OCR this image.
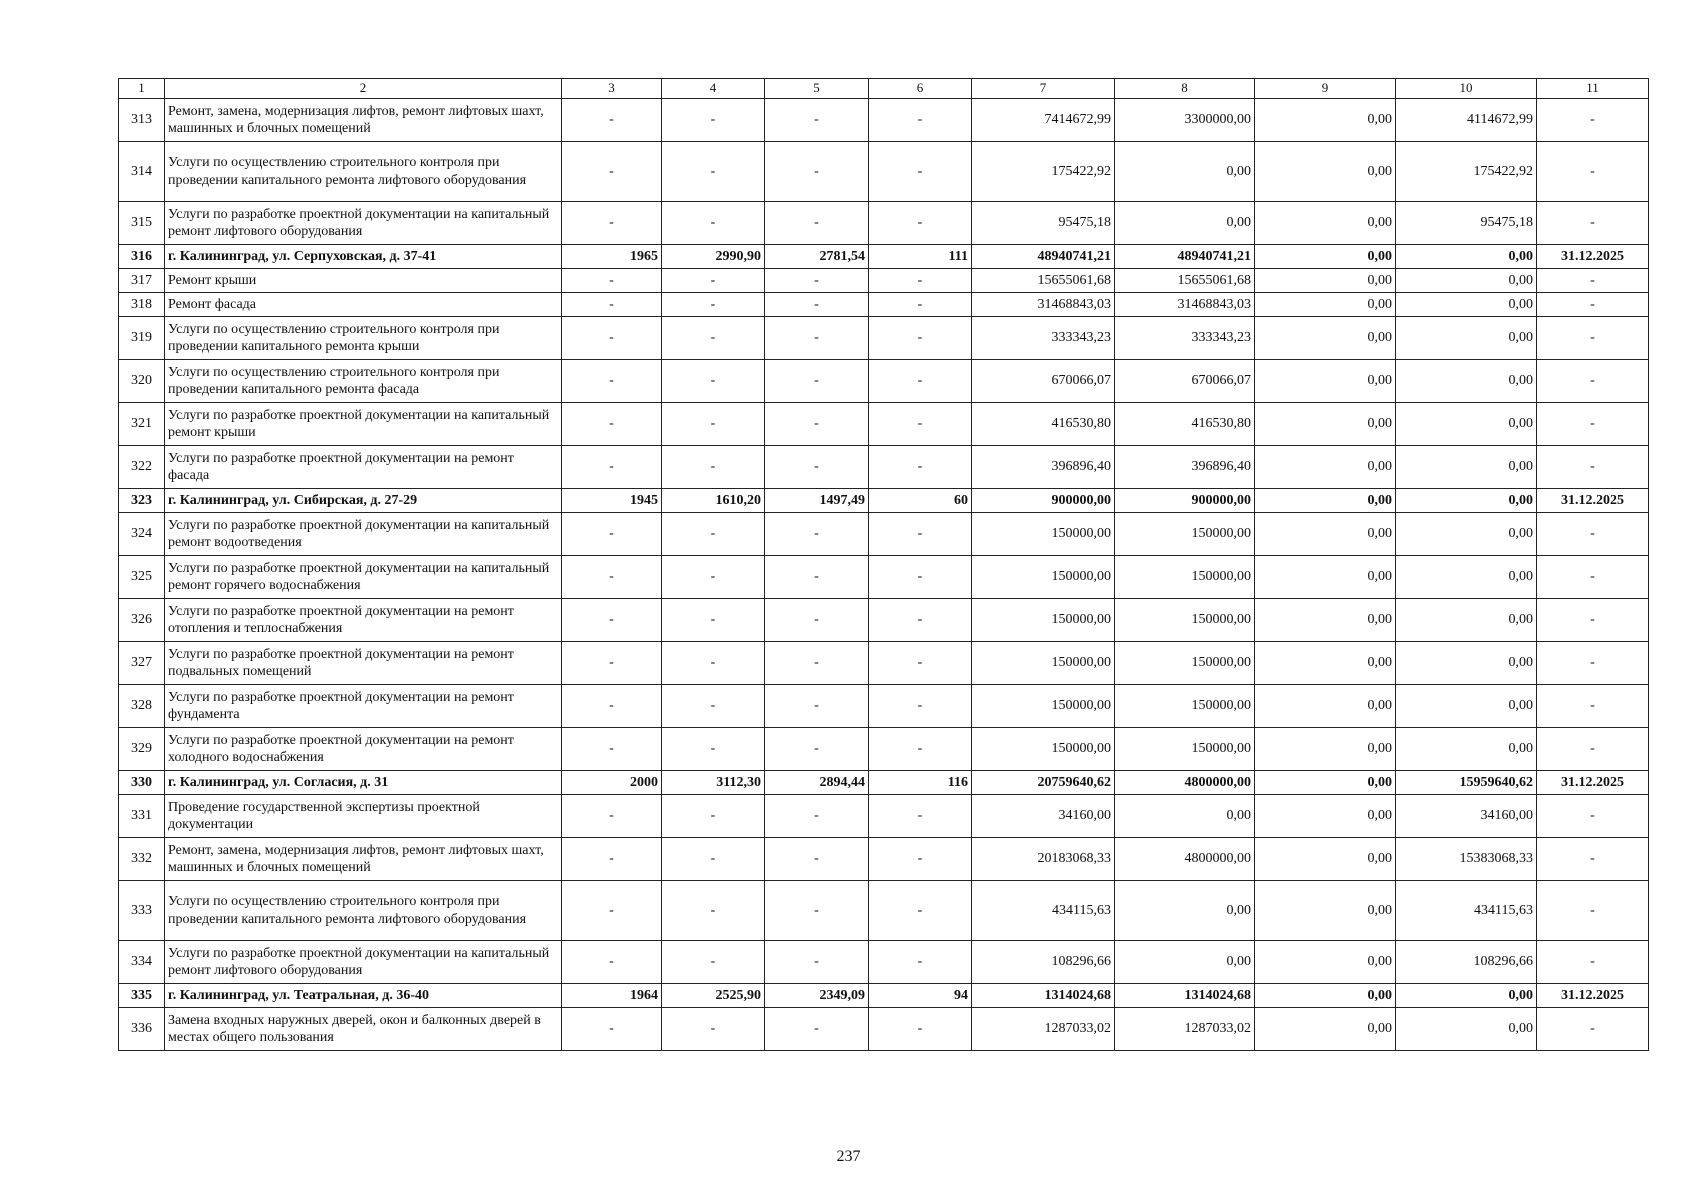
1	2	3	4	5	6	7	8	9	10	11
313	Ремонт, замена, модернизация лифтов, ремонт лифтовых шахт, машинных и блочных помещений	-	-	-	-	7414672,99	3300000,00	0,00	4114672,99	-
314	Услуги по осуществлению строительного контроля при проведении капитального ремонта лифтового оборудования	-	-	-	-	175422,92	0,00	0,00	175422,92	-
315	Услуги по разработке проектной документации на капитальный ремонт лифтового оборудования	-	-	-	-	95475,18	0,00	0,00	95475,18	-
316	г. Калининград, ул. Серпуховская, д. 37-41	1965	2990,90	2781,54	111	48940741,21	48940741,21	0,00	0,00	31.12.2025
317	Ремонт крыши	-	-	-	-	15655061,68	15655061,68	0,00	0,00	-
318	Ремонт фасада	-	-	-	-	31468843,03	31468843,03	0,00	0,00	-
319	Услуги по осуществлению строительного контроля при проведении капитального ремонта крыши	-	-	-	-	333343,23	333343,23	0,00	0,00	-
320	Услуги по осуществлению строительного контроля при проведении капитального ремонта фасада	-	-	-	-	670066,07	670066,07	0,00	0,00	-
321	Услуги по разработке проектной документации на капитальный ремонт крыши	-	-	-	-	416530,80	416530,80	0,00	0,00	-
322	Услуги по разработке проектной документации на ремонт фасада	-	-	-	-	396896,40	396896,40	0,00	0,00	-
323	г. Калининград, ул. Сибирская, д. 27-29	1945	1610,20	1497,49	60	900000,00	900000,00	0,00	0,00	31.12.2025
324	Услуги по разработке проектной документации на капитальный ремонт водоотведения	-	-	-	-	150000,00	150000,00	0,00	0,00	-
325	Услуги по разработке проектной документации на капитальный ремонт горячего водоснабжения	-	-	-	-	150000,00	150000,00	0,00	0,00	-
326	Услуги по разработке проектной документации на ремонт отопления и теплоснабжения	-	-	-	-	150000,00	150000,00	0,00	0,00	-
327	Услуги по разработке проектной документации на ремонт подвальных помещений	-	-	-	-	150000,00	150000,00	0,00	0,00	-
328	Услуги по разработке проектной документации на ремонт фундамента	-	-	-	-	150000,00	150000,00	0,00	0,00	-
329	Услуги по разработке проектной документации на ремонт холодного водоснабжения	-	-	-	-	150000,00	150000,00	0,00	0,00	-
330	г. Калининград, ул. Согласия, д. 31	2000	3112,30	2894,44	116	20759640,62	4800000,00	0,00	15959640,62	31.12.2025
331	Проведение государственной экспертизы проектной документации	-	-	-	-	34160,00	0,00	0,00	34160,00	-
332	Ремонт, замена, модернизация лифтов, ремонт лифтовых шахт, машинных и блочных помещений	-	-	-	-	20183068,33	4800000,00	0,00	15383068,33	-
333	Услуги по осуществлению строительного контроля при проведении капитального ремонта лифтового оборудования	-	-	-	-	434115,63	0,00	0,00	434115,63	-
334	Услуги по разработке проектной документации на капитальный ремонт лифтового оборудования	-	-	-	-	108296,66	0,00	0,00	108296,66	-
335	г. Калининград, ул. Театральная, д. 36-40	1964	2525,90	2349,09	94	1314024,68	1314024,68	0,00	0,00	31.12.2025
336	Замена входных наружных дверей, окон и балконных дверей в местах общего пользования	-	-	-	-	1287033,02	1287033,02	0,00	0,00	-
237
